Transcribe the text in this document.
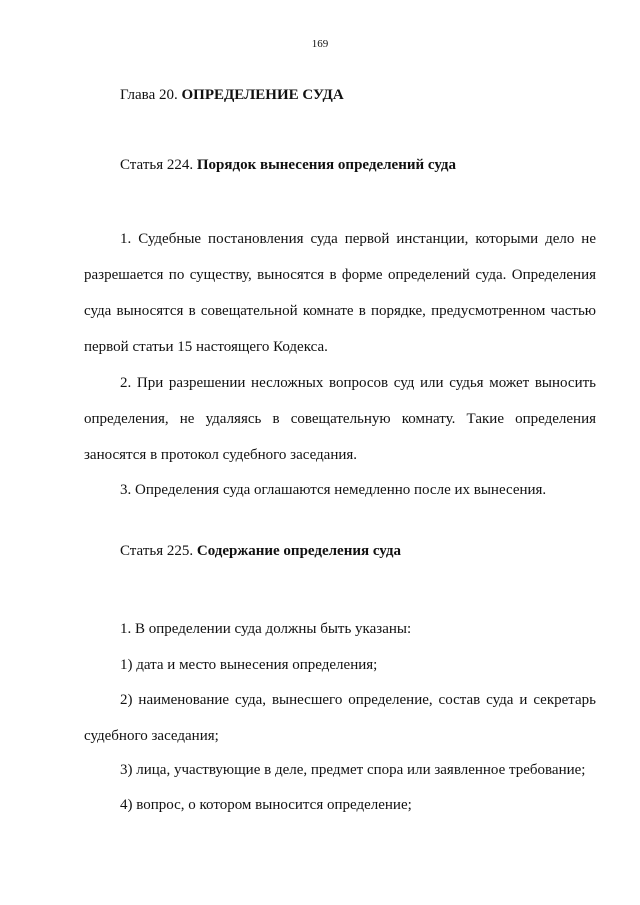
169
Глава 20. ОПРЕДЕЛЕНИЕ СУДА
Статья 224. Порядок вынесения определений суда
1. Судебные постановления суда первой инстанции, которыми дело не
разрешается по существу, выносятся в форме определений суда. Определения
суда выносятся в совещательной комнате в порядке, предусмотренном частью
первой статьи 15 настоящего Кодекса.
2. При разрешении несложных вопросов суд или судья может выносить
определения, не удаляясь в совещательную комнату. Такие определения
заносятся в протокол судебного заседания.
3. Определения суда оглашаются немедленно после их вынесения.
Статья 225. Содержание определения суда
1. В определении суда должны быть указаны:
1) дата и место вынесения определения;
2) наименование суда, вынесшего определение, состав суда и секретарь
судебного заседания;
3) лица, участвующие в деле, предмет спора или заявленное требование;
4) вопрос, о котором выносится определение;
